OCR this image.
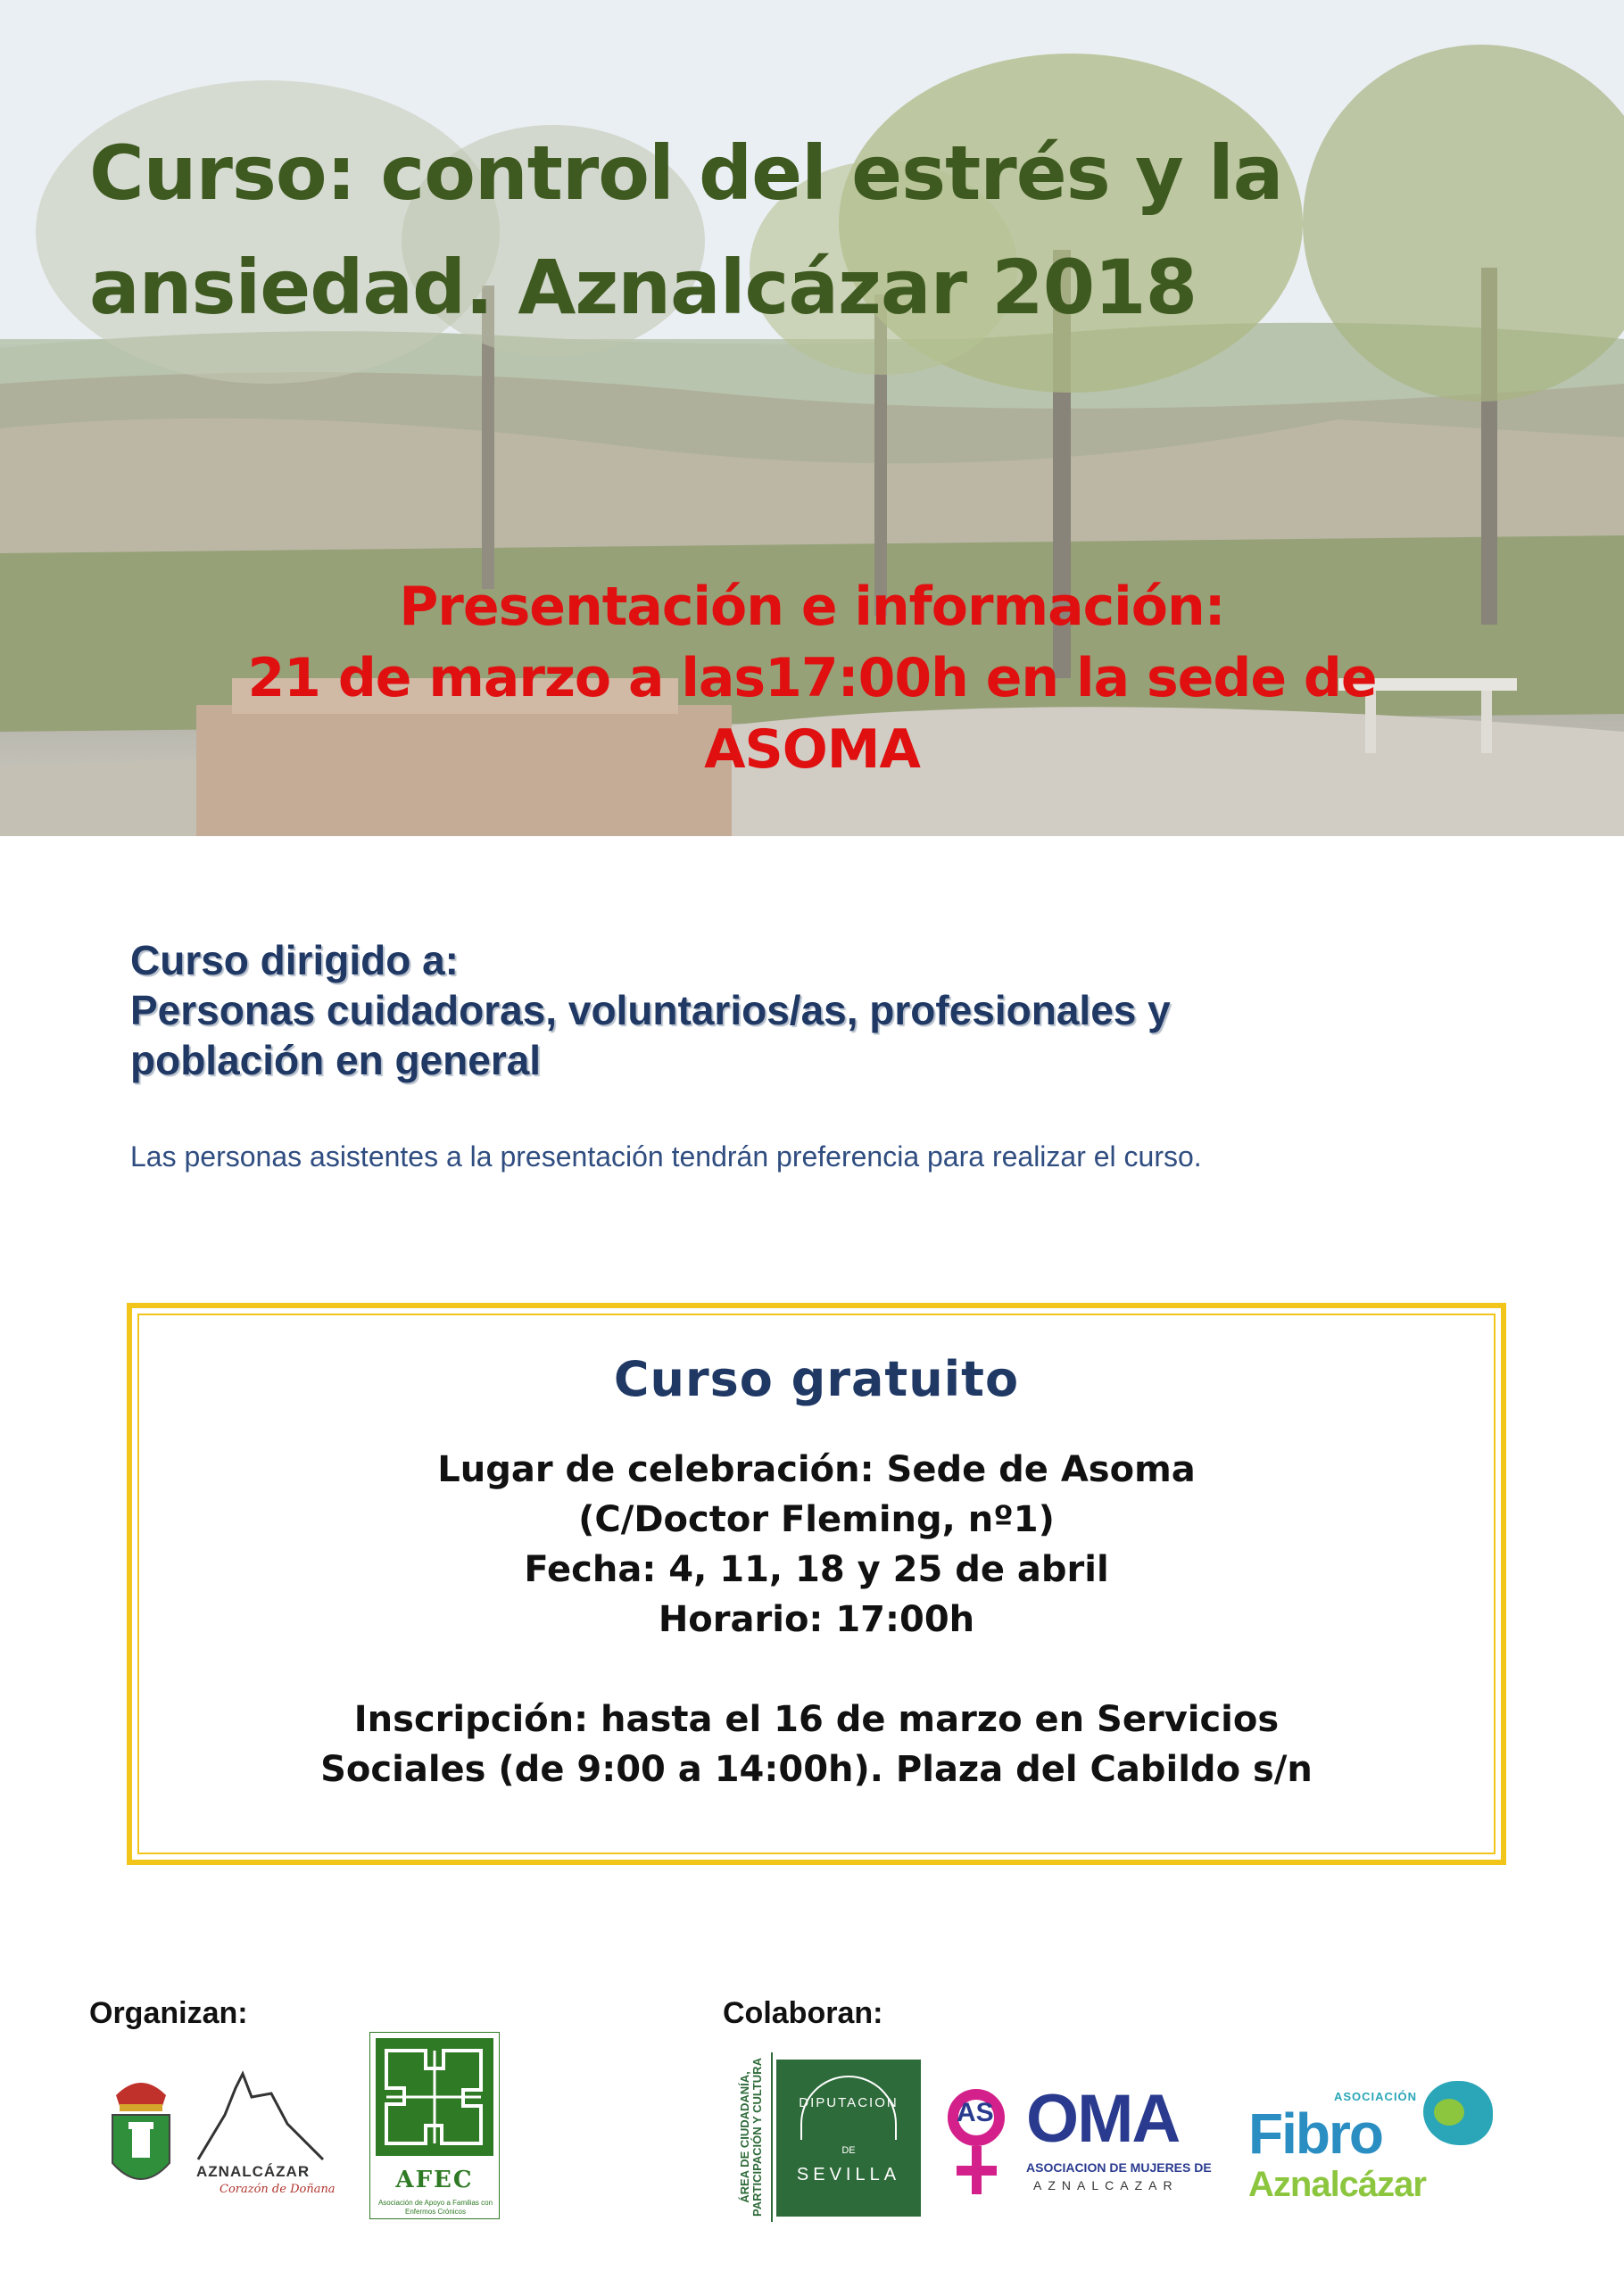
Curso: control del estrés y la
ansiedad. Aznalcázar 2018
Presentación e información:
21 de marzo a las17:00h en la sede de
ASOMA
Curso dirigido a:
Personas cuidadoras, voluntarios/as, profesionales y
población en general
Las personas asistentes a la presentación tendrán preferencia para realizar el curso.
Curso gratuito
Lugar de celebración: Sede de Asoma
(C/Doctor Fleming, nº1)
Fecha: 4, 11, 18 y 25 de abril
Horario: 17:00h
Inscripción: hasta el 16 de marzo en Servicios
Sociales (de 9:00 a 14:00h). Plaza del Cabildo s/n
Organizan:	Colaboran:
AZNALCÁZAR
Corazón de Doñana	AFEC
Asociación de Apoyo a Familias con Enfermos Crónicos
ÁREA DE CIUDADANÍA, PARTICIPACIÓN Y CULTURA	DIPUTACION
DE
SEVILLA
AS OMA
ASOCIACION DE MUJERES DE
AZNALCAZAR
ASOCIACIÓN
Fibro
Aznalcázar
